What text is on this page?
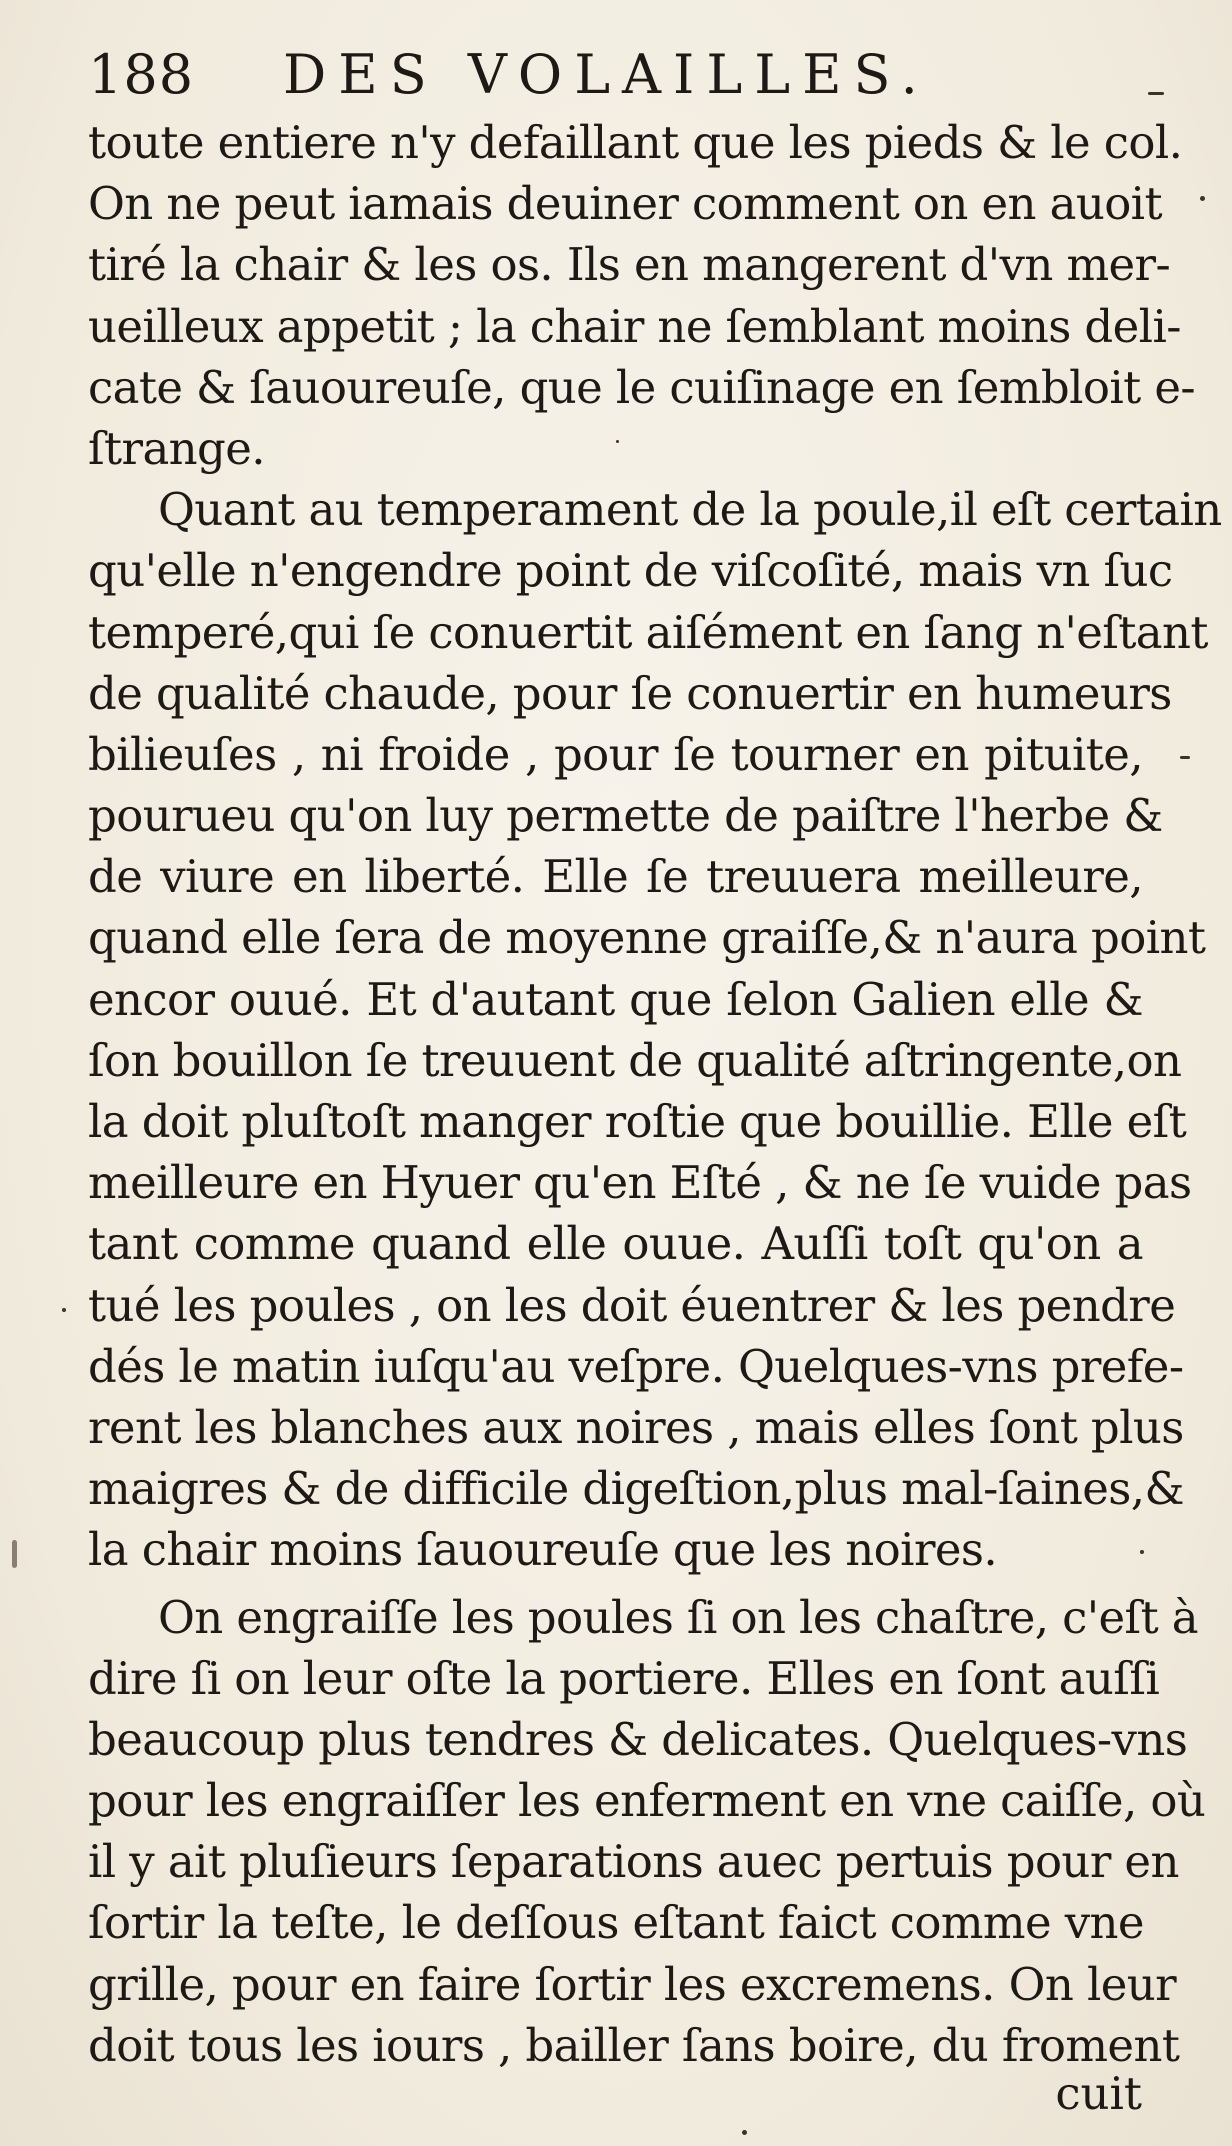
188 DES VOLAILLES.
toute entiere n'y defaillant que les pieds & le col.
On ne peut iamais deuiner comment on en auoit
tiré la chair & les os. Ils en mangerent d'vn mer-
ueilleux appetit ; la chair ne ſemblant moins deli-
cate & ſauoureuſe, que le cuiſinage en ſembloit e-
ſtrange.
Quant au temperament de la poule,il eſt certain
qu'elle n'engendre point de viſcoſité, mais vn ſuc
temperé,qui ſe conuertit aiſément en ſang n'eſtant
de qualité chaude, pour ſe conuertir en humeurs
bilieuſes , ni froide , pour ſe tourner en pituite,
pourueu qu'on luy permette de paiſtre l'herbe &
de viure en liberté. Elle ſe treuuera meilleure,
quand elle ſera de moyenne graiſſe,& n'aura point
encor ouué. Et d'autant que ſelon Galien elle &
ſon bouillon ſe treuuent de qualité aſtringente,on
la doit pluſtoſt manger roſtie que bouillie. Elle eſt
meilleure en Hyuer qu'en Eſté , & ne ſe vuide pas
tant comme quand elle ouue. Auſſi toſt qu'on a
tué les poules , on les doit éuentrer & les pendre
dés le matin iuſqu'au veſpre. Quelques-vns prefe-
rent les blanches aux noires , mais elles ſont plus
maigres & de difficile digeſtion,plus mal-ſaines,&
la chair moins ſauoureuſe que les noires.
On engraiſſe les poules ſi on les chaſtre, c'eſt à
dire ſi on leur oſte la portiere. Elles en ſont auſſi
beaucoup plus tendres & delicates. Quelques-vns
pour les engraiſſer les enferment en vne caiſſe, où
il y ait pluſieurs ſeparations auec pertuis pour en
ſortir la teſte, le deſſous eſtant faict comme vne
grille, pour en faire ſortir les excremens. On leur
doit tous les iours , bailler ſans boire, du froment
cuit
